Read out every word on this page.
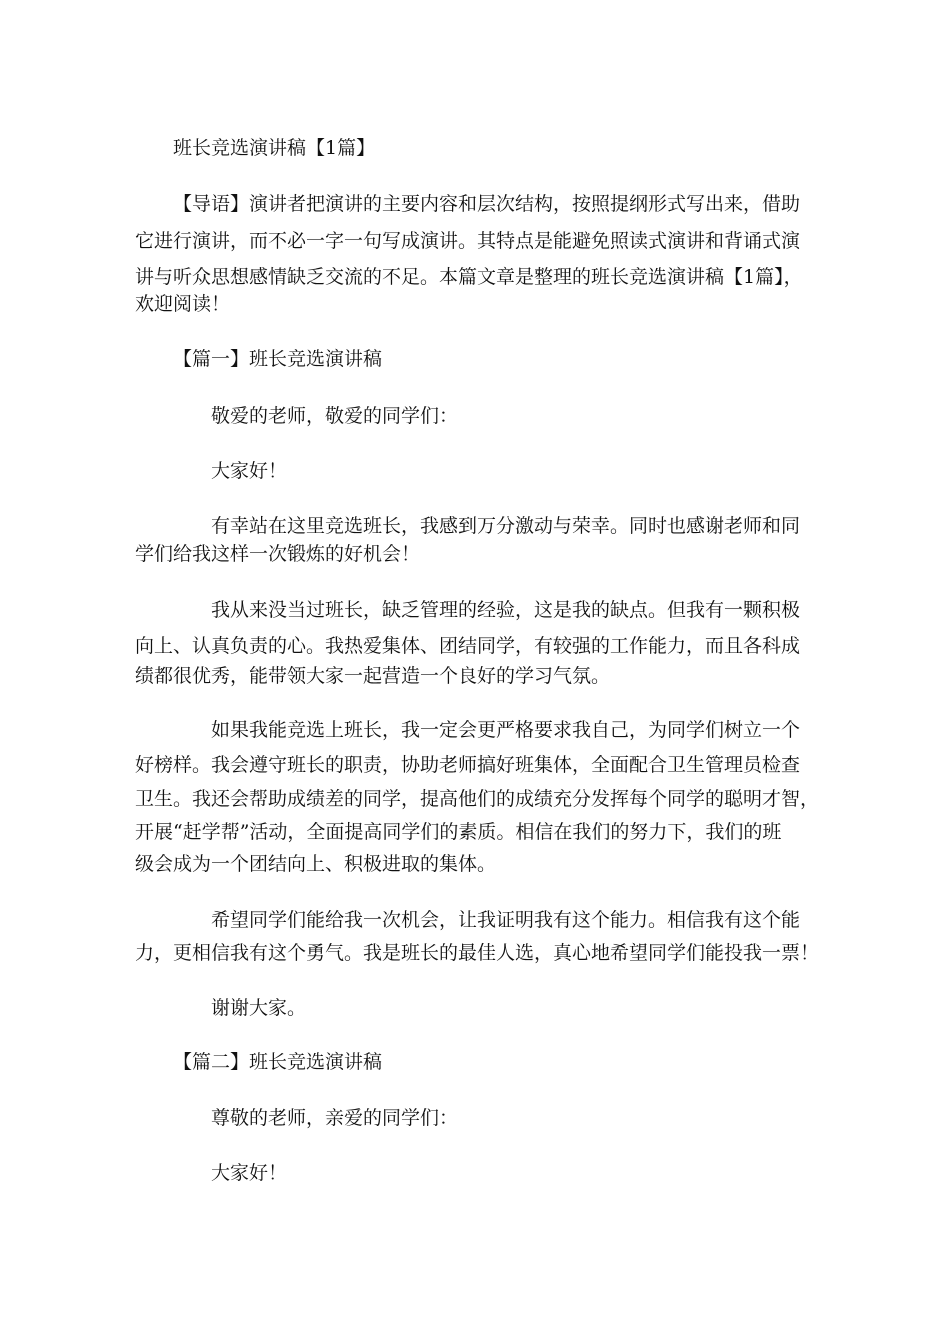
班长竞选演讲稿【1篇】
【导语】演讲者把演讲的主要内容和层次结构，按照提纲形式写出来，借助
它进行演讲，而不必一字一句写成演讲。其特点是能避免照读式演讲和背诵式演
讲与听众思想感情缺乏交流的不足。本篇文章是整理的班长竞选演讲稿【1篇】，
欢迎阅读！
【篇一】班长竞选演讲稿
敬爱的老师，敬爱的同学们：
大家好！
有幸站在这里竞选班长，我感到万分激动与荣幸。同时也感谢老师和同
学们给我这样一次锻炼的好机会！
我从来没当过班长，缺乏管理的经验，这是我的缺点。但我有一颗积极
向上、认真负责的心。我热爱集体、团结同学，有较强的工作能力，而且各科成
绩都很优秀，能带领大家一起营造一个良好的学习气氛。
如果我能竞选上班长，我一定会更严格要求我自己，为同学们树立一个
好榜样。我会遵守班长的职责，协助老师搞好班集体，全面配合卫生管理员检查
卫生。我还会帮助成绩差的同学，提高他们的成绩充分发挥每个同学的聪明才智，
开展“赶学帮”活动，全面提高同学们的素质。相信在我们的努力下，我们的班
级会成为一个团结向上、积极进取的集体。
希望同学们能给我一次机会，让我证明我有这个能力。相信我有这个能
力，更相信我有这个勇气。我是班长的最佳人选，真心地希望同学们能投我一票！
谢谢大家。
【篇二】班长竞选演讲稿
尊敬的老师，亲爱的同学们：
大家好！
